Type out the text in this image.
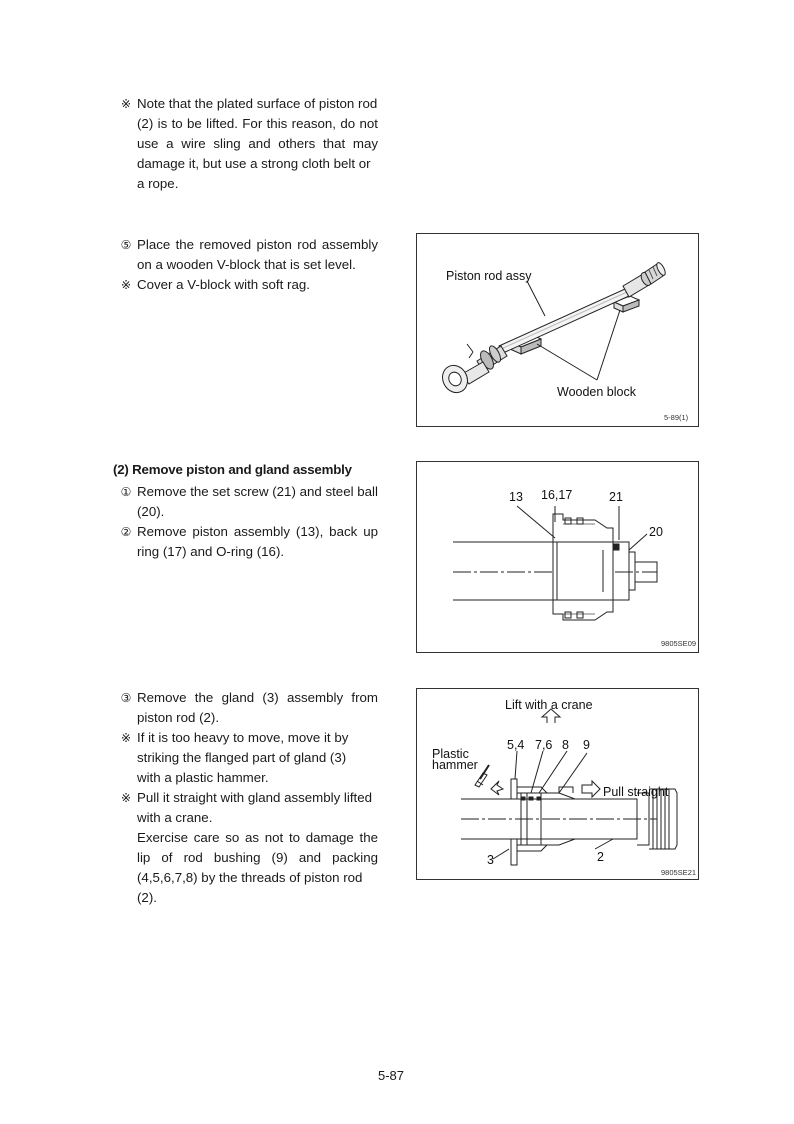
※ Note that the plated surface of piston rod
(2) is to be lifted. For this reason, do not
use a wire sling and others that may
damage it, but use a strong cloth belt or
a rope.
⑤ Place the removed piston rod assembly
on a wooden V-block that is set level.
※ Cover a V-block with soft rag.
Piston rod assy
Wooden block
5-89(1)

(2) Remove piston and gland assembly

① Remove the set screw (21) and steel ball
(20).
② Remove piston assembly (13), back up
ring (17) and O-ring (16).
13 16,17	21
20
9805SE09
③ Remove the gland (3) assembly from
piston rod (2).
※ If it is too heavy to move, move it by
striking the flanged part of gland (3)
with a plastic hammer.
※ Pull it straight with gland assembly lifted
with a crane.
Exercise care so as not to damage the
lip of rod bushing (9) and packing
(4,5,6,7,8) by the threads of piston rod
(2).
Lift with a crane
Plastic
hammer
5,4 7,6 8 9
Pull straight
3	2
9805SE21

5-87
